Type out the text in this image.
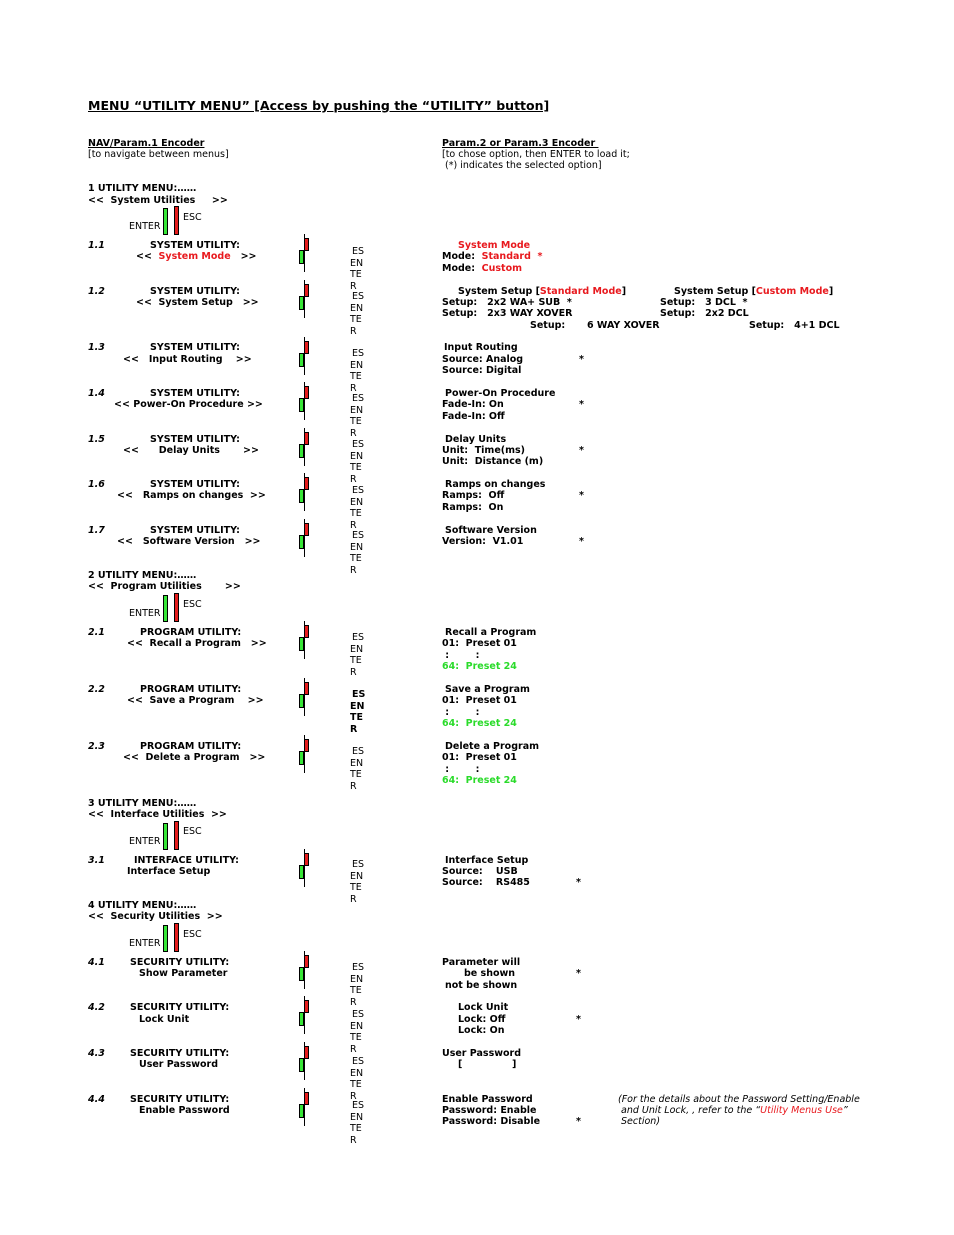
MENU “UTILITY MENU” [Access by pushing the “UTILITY” button]
NAV/Param.1 Encoder
[to navigate between menus]
Param.2 or Param.3 Encoder
[to chose option, then ENTER to load it;
(*) indicates the selected option]
1 UTILITY MENU:……
<<  System Utilities     >>
ESC
ENTER
1.1	SYSTEM UTILITY:
<<  System Mode   >>	ES
EN
TE
R
System Mode
Mode:  Standard  *
Mode:  Custom
1.2	SYSTEM UTILITY:
<<  System Setup   >>
ES
EN
TE
R
System Setup [Standard Mode]
Setup:   2x2 WA+ SUB  *
Setup:   2x3 WAY XOVER
System Setup [Custom Mode]
Setup:   3 DCL  *
Setup:   2x2 DCL
Setup: 6 WAY XOVER	Setup:   4+1 DCL
1.3	SYSTEM UTILITY:
<<   Input Routing    >>
ES
EN
TE
R
Input Routing
Source: Analog	*
Source: Digital
1.4	SYSTEM UTILITY:
<< Power-On Procedure >>
ES
EN
TE
R
Power-On Procedure
Fade-In: On	*
Fade-In: Off
1.5	SYSTEM UTILITY:
<<      Delay Units       >>
ES
EN
TE
R
Delay Units
Unit:  Time(ms)	*
Unit:  Distance (m)
1.6	SYSTEM UTILITY:
<<   Ramps on changes  >>	ES
EN
TE
R
Ramps on changes
Ramps:  Off	*
Ramps:  On
1.7	SYSTEM UTILITY:
<<   Software Version   >>
ES
EN
TE
R
Software Version
Version:  V1.01	*
2 UTILITY MENU:……
<<  Program Utilities       >>
ESC
ENTER
2.1	PROGRAM UTILITY:
<<  Recall a Program   >>
ES
EN
TE
R
Recall a Program
01:  Preset 01
:        :
64:  Preset 24
2.2	PROGRAM UTILITY:
<<  Save a Program    >>
ES
EN
TE
R
Save a Program
01:  Preset 01
:        :
64:  Preset 24
2.3	PROGRAM UTILITY:
<<  Delete a Program   >>
ES
EN
TE
R
Delete a Program
01:  Preset 01
:        :
64:  Preset 24
3 UTILITY MENU:……
<<  Interface Utilities  >>
ESC
ENTER
3.1	INTERFACE UTILITY:
Interface Setup
ES
EN
TE
R
Interface Setup
Source:    USB
Source:    RS485	*
4 UTILITY MENU:……
<<  Security Utilities  >>
ESC
ENTER
4.1	SECURITY UTILITY:
Show Parameter
ES
EN
TE
R
Parameter will
be shown	*
not be shown
4.2	SECURITY UTILITY:
Lock Unit	ES
EN
TE
R
Lock Unit
Lock: Off	*
Lock: On
4.3	SECURITY UTILITY:
User Password	ES
EN
TE
R
User Password
[               ]
4.4	SECURITY UTILITY:
Enable Password	ES
EN
TE
R
Enable Password
Password: Enable
Password: Disable	*
(For the details about the Password Setting/Enable
and Unit Lock, , refer to the “Utility Menus Use”
Section)
